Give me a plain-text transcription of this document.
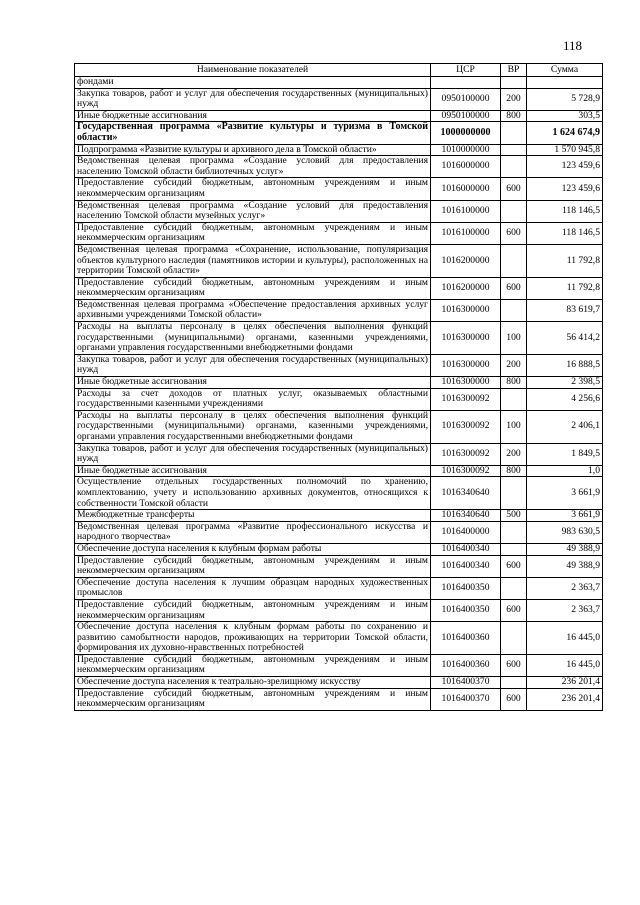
118
Наименование показателей	ЦСР	ВР	Сумма
фондами			
Закупка товаров, работ и услуг для обеспечения государственных (муниципальных) нужд	0950100000	200	5 728,9
Иные бюджетные ассигнования	0950100000	800	303,5
Государственная программа «Развитие культуры и туризма в Томской области»	1000000000		1 624 674,9
Подпрограмма «Развитие культуры и архивного дела в Томской области»	1010000000		1 570 945,8
Ведомственная целевая программа «Создание условий для предоставления населению Томской области библиотечных услуг»	1016000000		123 459,6
Предоставление субсидий бюджетным, автономным учреждениям и иным некоммерческим организациям	1016000000	600	123 459,6
Ведомственная целевая программа «Создание условий для предоставления населению Томской области музейных услуг»	1016100000		118 146,5
Предоставление субсидий бюджетным, автономным учреждениям и иным некоммерческим организациям	1016100000	600	118 146,5
Ведомственная целевая программа «Сохранение, использование, популяризация объектов культурного наследия (памятников истории и культуры), расположенных на территории Томской области»	1016200000		11 792,8
Предоставление субсидий бюджетным, автономным учреждениям и иным некоммерческим организациям	1016200000	600	11 792,8
Ведомственная целевая программа «Обеспечение предоставления архивных услуг архивными учреждениями Томской области»	1016300000		83 619,7
Расходы на выплаты персоналу в целях обеспечения выполнения функций государственными (муниципальными) органами, казенными учреждениями, органами управления государственными внебюджетными фондами	1016300000	100	56 414,2
Закупка товаров, работ и услуг для обеспечения государственных (муниципальных) нужд	1016300000	200	16 888,5
Иные бюджетные ассигнования	1016300000	800	2 398,5
Расходы за счет доходов от платных услуг, оказываемых областными государственными казенными учреждениями	1016300092		4 256,6
Расходы на выплаты персоналу в целях обеспечения выполнения функций государственными (муниципальными) органами, казенными учреждениями, органами управления государственными внебюджетными фондами	1016300092	100	2 406,1
Закупка товаров, работ и услуг для обеспечения государственных (муниципальных) нужд	1016300092	200	1 849,5
Иные бюджетные ассигнования	1016300092	800	1,0
Осуществление отдельных государственных полномочий по хранению, комплектованию, учету и использованию архивных документов, относящихся к собственности Томской области	1016340640		3 661,9
Межбюджетные трансферты	1016340640	500	3 661,9
Ведомственная целевая программа «Развитие профессионального искусства и народного творчества»	1016400000		983 630,5
Обеспечение доступа населения к клубным формам работы	1016400340		49 388,9
Предоставление субсидий бюджетным, автономным учреждениям и иным некоммерческим организациям	1016400340	600	49 388,9
Обеспечение доступа населения к лучшим образцам народных художественных промыслов	1016400350		2 363,7
Предоставление субсидий бюджетным, автономным учреждениям и иным некоммерческим организациям	1016400350	600	2 363,7
Обеспечение доступа населения к клубным формам работы по сохранению и развитию самобытности народов, проживающих на территории Томской области, формирования их духовно-нравственных потребностей	1016400360		16 445,0
Предоставление субсидий бюджетным, автономным учреждениям и иным некоммерческим организациям	1016400360	600	16 445,0
Обеспечение доступа населения к театрально-зрелищному искусству	1016400370		236 201,4
Предоставление субсидий бюджетным, автономным учреждениям и иным некоммерческим организациям	1016400370	600	236 201,4
